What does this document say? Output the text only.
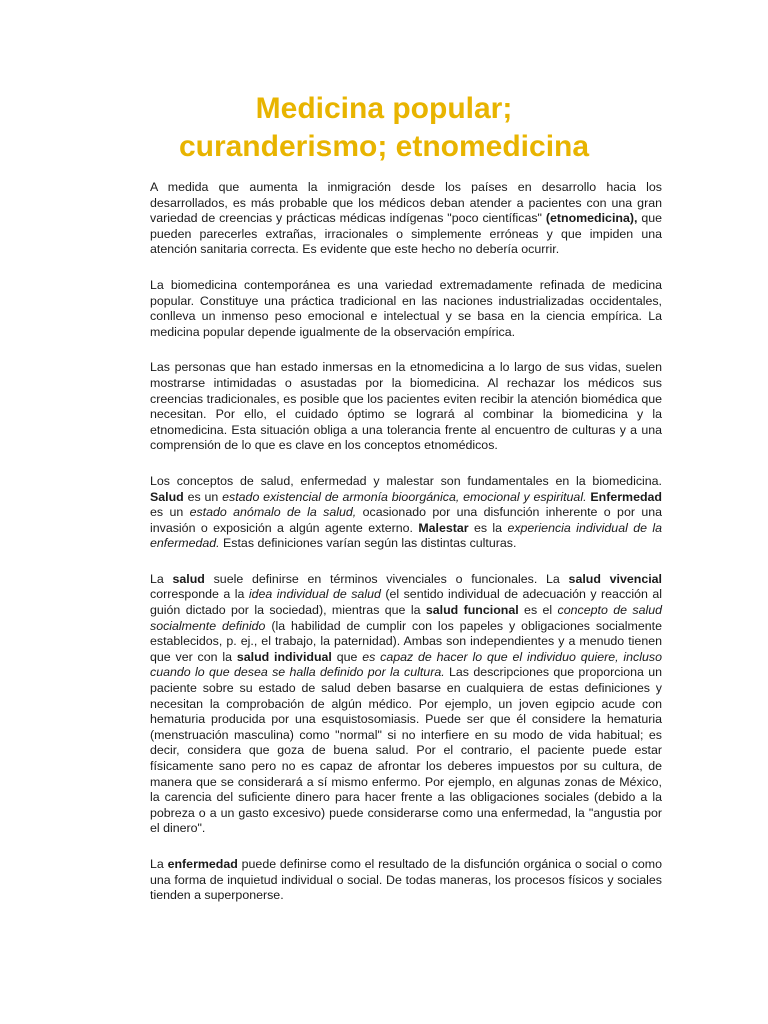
Medicina popular; curanderismo; etnomedicina

A medida que aumenta la inmigración desde los países en desarrollo hacia los desarrollados, es más probable que los médicos deban atender a pacientes con una gran variedad de creencias y prácticas médicas indígenas "poco científicas" (etnomedicina), que pueden parecerles extrañas, irracionales o simplemente erróneas y que impiden una atención sanitaria correcta. Es evidente que este hecho no debería ocurrir.

La biomedicina contemporánea es una variedad extremadamente refinada de medicina popular. Constituye una práctica tradicional en las naciones industrializadas occidentales, conlleva un inmenso peso emocional e intelectual y se basa en la ciencia empírica. La medicina popular depende igualmente de la observación empírica.

Las personas que han estado inmersas en la etnomedicina a lo largo de sus vidas, suelen mostrarse intimidadas o asustadas por la biomedicina. Al rechazar los médicos sus creencias tradicionales, es posible que los pacientes eviten recibir la atención biomédica que necesitan. Por ello, el cuidado óptimo se logrará al combinar la biomedicina y la etnomedicina. Esta situación obliga a una tolerancia frente al encuentro de culturas y a una comprensión de lo que es clave en los conceptos etnomédicos.

Los conceptos de salud, enfermedad y malestar son fundamentales en la biomedicina. Salud es un estado existencial de armonía bioorgánica, emocional y espiritual. Enfermedad es un estado anómalo de la salud, ocasionado por una disfunción inherente o por una invasión o exposición a algún agente externo. Malestar es la experiencia individual de la enfermedad. Estas definiciones varían según las distintas culturas.

La salud suele definirse en términos vivenciales o funcionales. La salud vivencial corresponde a la idea individual de salud (el sentido individual de adecuación y reacción al guión dictado por la sociedad), mientras que la salud funcional es el concepto de salud socialmente definido (la habilidad de cumplir con los papeles y obligaciones socialmente establecidos, p. ej., el trabajo, la paternidad). Ambas son independientes y a menudo tienen que ver con la salud individual que es capaz de hacer lo que el individuo quiere, incluso cuando lo que desea se halla definido por la cultura. Las descripciones que proporciona un paciente sobre su estado de salud deben basarse en cualquiera de estas definiciones y necesitan la comprobación de algún médico. Por ejemplo, un joven egipcio acude con hematuria producida por una esquistosomiasis. Puede ser que él considere la hematuria (menstruación masculina) como "normal" si no interfiere en su modo de vida habitual; es decir, considera que goza de buena salud. Por el contrario, el paciente puede estar físicamente sano pero no es capaz de afrontar los deberes impuestos por su cultura, de manera que se considerará a sí mismo enfermo. Por ejemplo, en algunas zonas de México, la carencia del suficiente dinero para hacer frente a las obligaciones sociales (debido a la pobreza o a un gasto excesivo) puede considerarse como una enfermedad, la "angustia por el dinero".

La enfermedad puede definirse como el resultado de la disfunción orgánica o social o como una forma de inquietud individual o social. De todas maneras, los procesos físicos y sociales tienden a superponerse.
